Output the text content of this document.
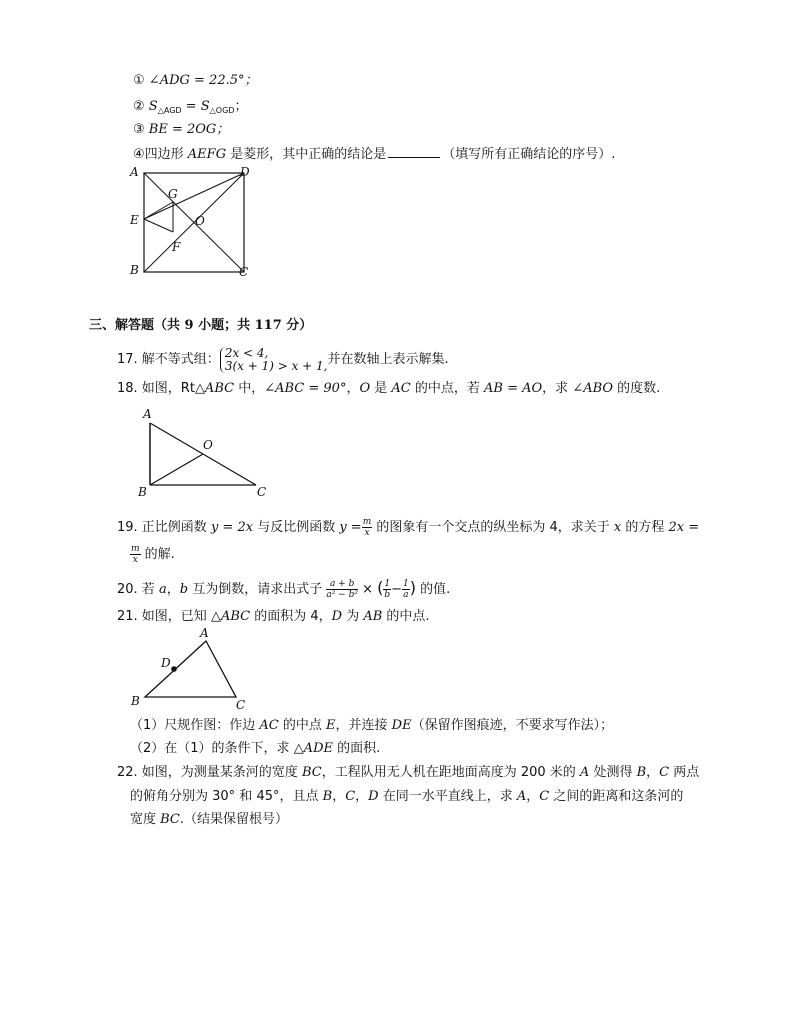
① ∠ADG = 22.5°；
② $S_{\triangle AGD} = S_{\triangle OGD}$；
③ BE = 2OG；
④四边形 AEFG 是菱形，其中正确的结论是	（填写所有正确结论的序号）.
A	D
G
E	O
F
B	C
三、解答题（共 9 小题；共 117 分）
17. 解不等式组： 2x < 4,
3(x + 1) > x + 1, 并在数轴上表示解集.
18. 如图，Rt△ABC 中，∠ABC = 90°，O 是 AC 的中点，若 AB = AO，求 ∠ABO 的度数.
A
O
B	C
19. 正比例函数 y = 2x 与反比例函数 $y = \frac{m}{x}$ 的图象有一个交点的纵坐标为 4，求关于 x 的方程 2x =
$\frac{m}{x}$ 的解.
20. 若 a，b 互为倒数，请求出式子 $\frac{a + b}{\text{a² − b²}}$ × ( $\frac{1}{b} - \frac{1}{a}$ ) 的值.
21. 如图，已知 △ABC 的面积为 4，D 为 AB 的中点.
A
D
B	C
（1）尺规作图：作边 AC 的中点 E，并连接 DE（保留作图痕迹，不要求写作法）；
（2）在（1）的条件下，求 △ADE 的面积.
22. 如图，为测量某条河的宽度 BC，工程队用无人机在距地面高度为 200 米的 A 处测得 B，C 两点
的俯角分别为 30° 和 45°，且点 B，C，D 在同一水平直线上，求 A，C 之间的距离和这条河的
宽度 BC.（结果保留根号）
